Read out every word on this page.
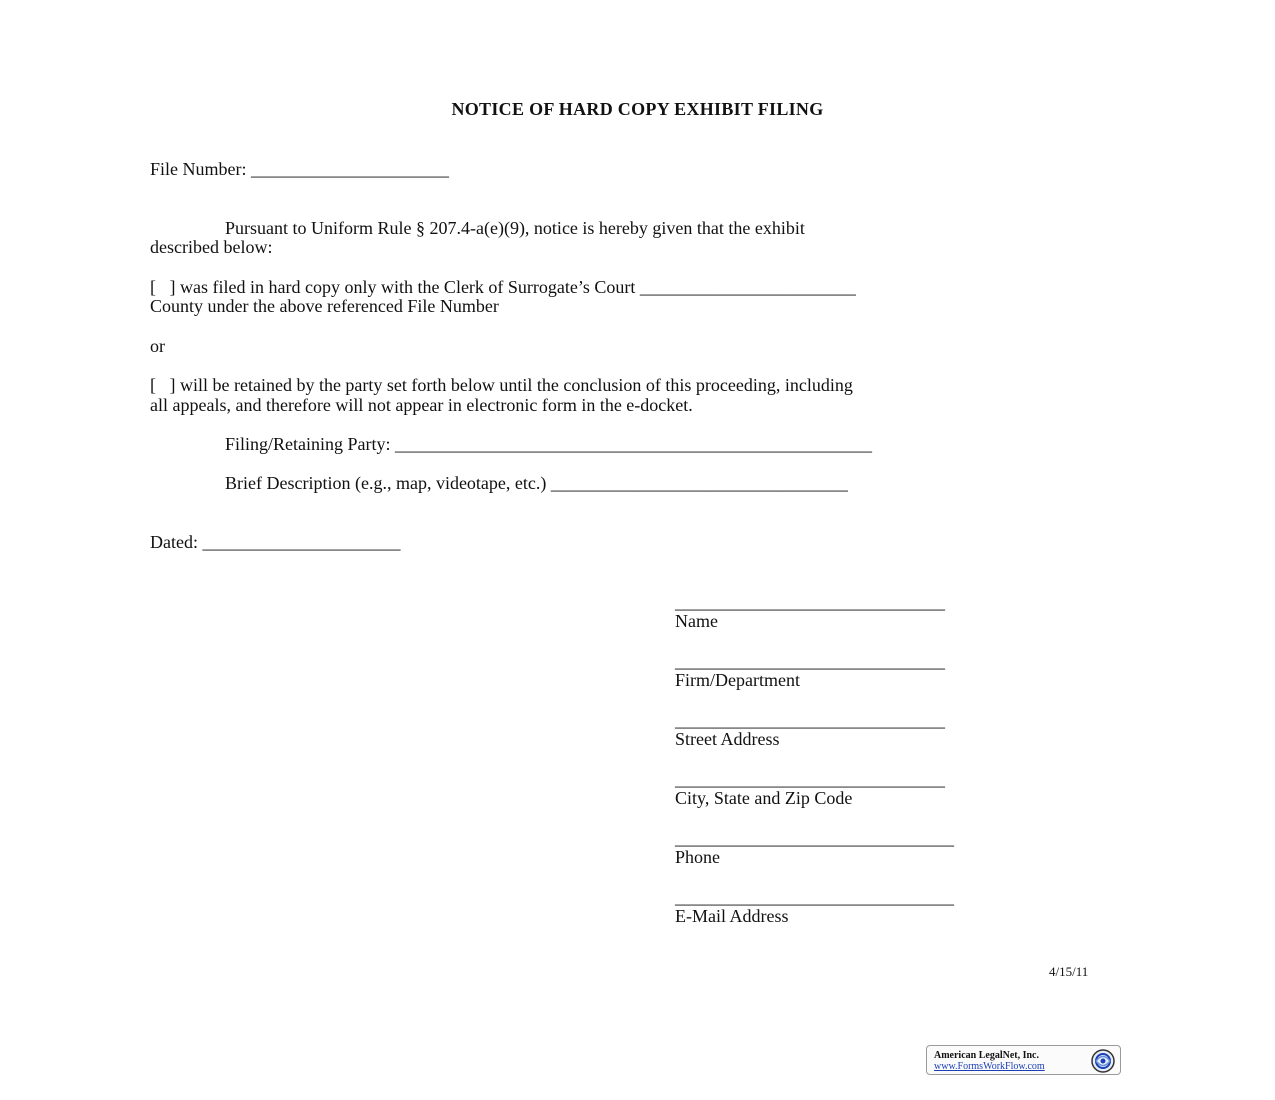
NOTICE OF HARD COPY EXHIBIT FILING
File Number: ______________________
Pursuant to Uniform Rule § 207.4-a(e)(9), notice is hereby given that the exhibit
described below:
[   ] was filed in hard copy only with the Clerk of Surrogate’s Court ________________________
County under the above referenced File Number
or
[   ] will be retained by the party set forth below until the conclusion of this proceeding, including
all appeals, and therefore will not appear in electronic form in the e-docket.
Filing/Retaining Party: _____________________________________________________
Brief Description (e.g., map, videotape, etc.) _________________________________
Dated: ______________________
______________________________
Name
______________________________
Firm/Department
______________________________
Street Address
______________________________
City, State and Zip Code
_______________________________
Phone
_______________________________
E-Mail Address
4/15/11
American LegalNet, Inc.
www.FormsWorkFlow.com
